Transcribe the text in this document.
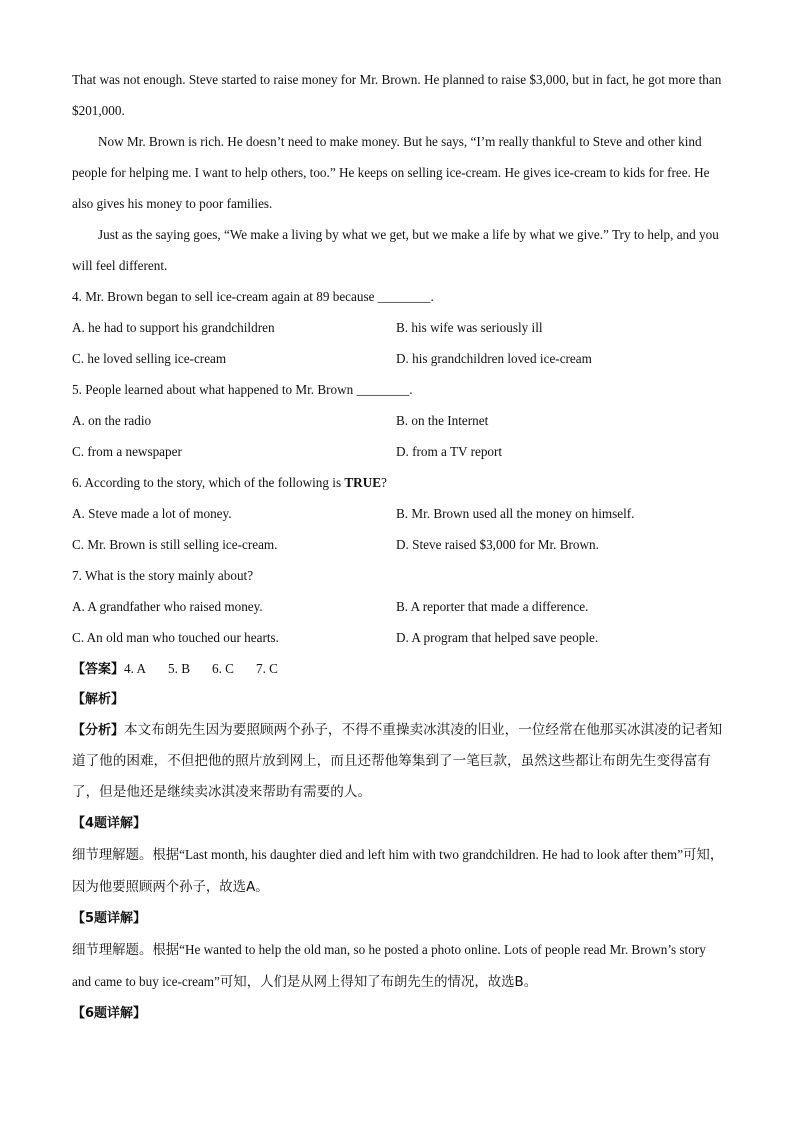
That was not enough. Steve started to raise money for Mr. Brown. He planned to raise $3,000, but in fact, he got more than $201,000.

Now Mr. Brown is rich. He doesn’t need to make money. But he says, “I’m really thankful to Steve and other kind people for helping me. I want to help others, too.” He keeps on selling ice-cream. He gives ice-cream to kids for free. He also gives his money to poor families.

Just as the saying goes, “We make a living by what we get, but we make a life by what we give.” Try to help, and you will feel different.

4. Mr. Brown began to sell ice-cream again at 89 because ________.
A. he had to support his grandchildren	B. his wife was seriously ill
C. he loved selling ice-cream	D. his grandchildren loved ice-cream
5. People learned about what happened to Mr. Brown ________.
A. on the radio	B. on the Internet
C. from a newspaper	D. from a TV report
6. According to the story, which of the following is TRUE?
A. Steve made a lot of money.	B. Mr. Brown used all the money on himself.
C. Mr. Brown is still selling ice-cream.	D. Steve raised $3,000 for Mr. Brown.
7. What is the story mainly about?
A. A grandfather who raised money.	B. A reporter that made a difference.
C. An old man who touched our hearts.	D. A program that helped save people.
【答案】4. A 5. B 6. C 7. C
【解析】

【分析】本文布朗先生因为要照顾两个孙子，不得不重操卖冰淇凌的旧业，一位经常在他那买冰淇凌的记者知道了他的困难，不但把他的照片放到网上，而且还帮他筹集到了一笔巨款，虽然这些都让布朗先生变得富有了，但是他还是继续卖冰淇凌来帮助有需要的人。

【4题详解】

细节理解题。根据“Last month, his daughter died and left him with two grandchildren. He had to look after them”可知，因为他要照顾两个孙子，故选A。

【5题详解】

细节理解题。根据“He wanted to help the old man, so he posted a photo online. Lots of people read Mr. Brown’s story and came to buy ice-cream”可知，人们是从网上得知了布朗先生的情况，故选B。

【6题详解】
